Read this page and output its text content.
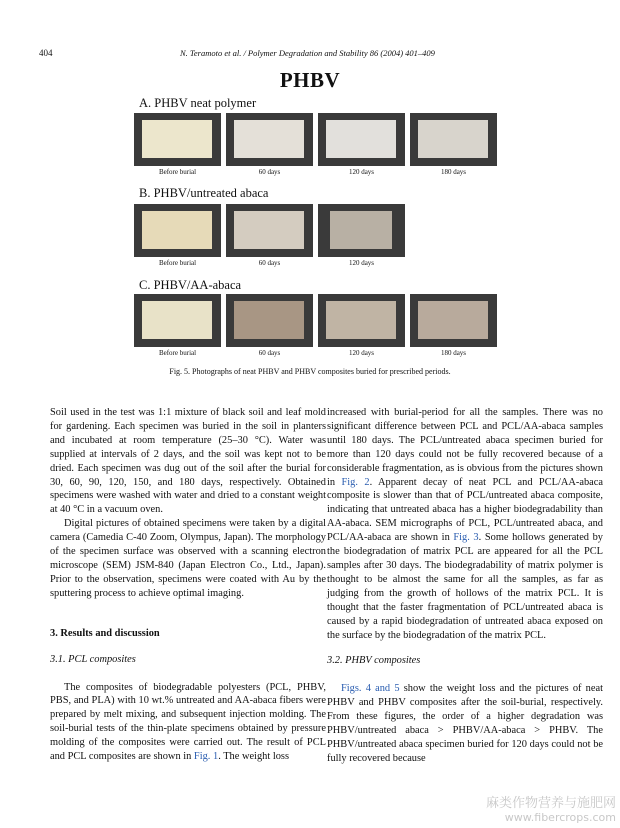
404	N. Teramoto et al. / Polymer Degradation and Stability 86 (2004) 401–409
PHBV
A. PHBV neat polymer
Before burial	60 days	120 days	180 days
B. PHBV/untreated abaca
Before burial	60 days	120 days
C. PHBV/AA-abaca
Before burial	60 days	120 days	180 days
Fig. 5. Photographs of neat PHBV and PHBV composites buried for prescribed periods.

Soil used in the test was 1:1 mixture of black soil and leaf mold for gardening. Each specimen was buried in the soil in planters and incubated at room temperature (25–30 °C). Water was supplied at intervals of 2 days, and the soil was kept not to be dried. Each specimen was dug out of the soil after the burial for 30, 60, 90, 120, 150, and 180 days, respectively. Obtained specimens were washed with water and dried to a constant weight at 40 °C in a vacuum oven.

Digital pictures of obtained specimens were taken by a digital camera (Camedia C-40 Zoom, Olympus, Japan). The morphology of the specimen surface was observed with a scanning electron microscope (SEM) JSM-840 (Japan Electron Co., Ltd., Japan). Prior to the observation, specimens were coated with Au by the sputtering process to achieve optimal imaging.

3. Results and discussion

3.1. PCL composites

The composites of biodegradable polyesters (PCL, PHBV, PBS, and PLA) with 10 wt.% untreated and AA-abaca fibers were prepared by melt mixing, and subsequent injection molding. The soil-burial tests of the thin-plate specimens obtained by pressure molding of the composites were carried out. The result of PCL and PCL composites are shown in Fig. 1. The weight loss

increased with burial-period for all the samples. There was no significant difference between PCL and PCL/AA-abaca samples until 180 days. The PCL/untreated abaca specimen buried for more than 120 days could not be fully recovered because of a considerable fragmentation, as is obvious from the pictures shown in Fig. 2. Apparent decay of neat PCL and PCL/AA-abaca composite is slower than that of PCL/untreated abaca composite, indicating that untreated abaca has a higher biodegradability than AA-abaca. SEM micrographs of PCL, PCL/untreated abaca, and PCL/AA-abaca are shown in Fig. 3. Some hollows generated by the biodegradation of matrix PCL are appeared for all the PCL samples after 30 days. The biodegradability of matrix polymer is thought to be almost the same for all the samples, as far as judging from the growth of hollows of the matrix PCL. It is thought that the faster fragmentation of PCL/untreated abaca is caused by a rapid biodegradation of untreated abaca exposed on the surface by the biodegradation of the matrix PCL.

3.2. PHBV composites

Figs. 4 and 5 show the weight loss and the pictures of neat PHBV and PHBV composites after the soil-burial, respectively. From these figures, the order of a higher degradation was PHBV/untreated abaca > PHBV/AA-abaca > PHBV. The PHBV/untreated abaca specimen buried for 120 days could not be fully recovered because

麻类作物营养与施肥网
www.fibercrops.com
